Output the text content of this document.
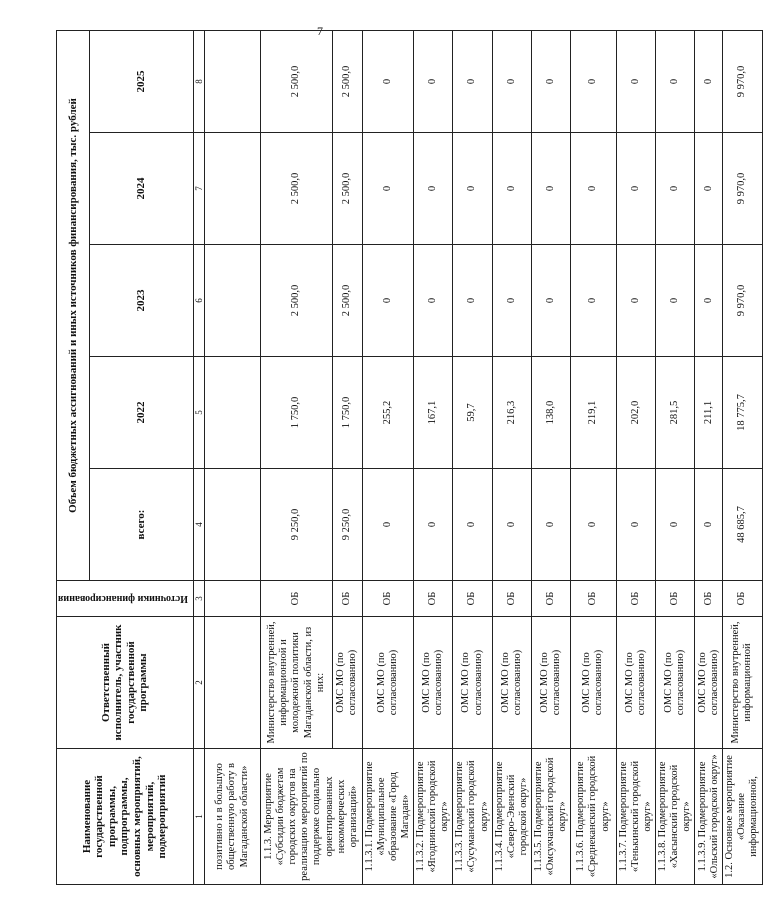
7
Наименование государственной программы, подпрограммы, основных мероприятий, мероприятий, подмероприятий	Ответственный исполнитель, участник государственной программы	Источники финансирования	Объем бюджетных ассигнований и иных источников финансирования, тыс. рублей				
			всего:	2022	2023	2024	2025
1	2	3	4	5	6	7	8
позитивно и в большую общественную работу в Магаданской области»							
1.1.3. Мероприятие «Субсидии бюджетам городских округов на реализацию мероприятий по поддержке социально ориентированных некоммерческих организаций»	Министерство внутренней, информационной и молодежной политики Магаданской области, из них:	ОБ	9 250,0	1 750,0	2 500,0	2 500,0	2 500,0
	ОМС МО (по согласованию)	ОБ	9 250,0	1 750,0	2 500,0	2 500,0	2 500,0
1.1.3.1. Подмероприятие «Муниципальное образование «Город Магадан»	ОМС МО (по согласованию)	ОБ	0	255,2	0	0	0
1.1.3.2. Подмероприятие «Ягоднинский городской округ»	ОМС МО (по согласованию)	ОБ	0	167,1	0	0	0
1.1.3.3. Подмероприятие «Сусуманский городской округ»	ОМС МО (по согласованию)	ОБ	0	59,7	0	0	0
1.1.3.4. Подмероприятие «Северо-Эвенский городской округ»	ОМС МО (по согласованию)	ОБ	0	216,3	0	0	0
1.1.3.5. Подмероприятие «Омсукчанский городской округ»	ОМС МО (по согласованию)	ОБ	0	138,0	0	0	0
1.1.3.6. Подмероприятие «Среднеканский городской округ»	ОМС МО (по согласованию)	ОБ	0	219,1	0	0	0
1.1.3.7. Подмероприятие «Тенькинский городской округ»	ОМС МО (по согласованию)	ОБ	0	202,0	0	0	0
1.1.3.8. Подмероприятие «Хасынский городской округ»	ОМС МО (по согласованию)	ОБ	0	281,5	0	0	0
1.1.3.9. Подмероприятие «Ольский городской округ»	ОМС МО (по согласованию)	ОБ	0	211,1	0	0	0
1.2. Основное мероприятие «Оказание информационной,	Министерство внутренней, информационной	ОБ	48 685,7	18 775,7	9 970,0	9 970,0	9 970,0
